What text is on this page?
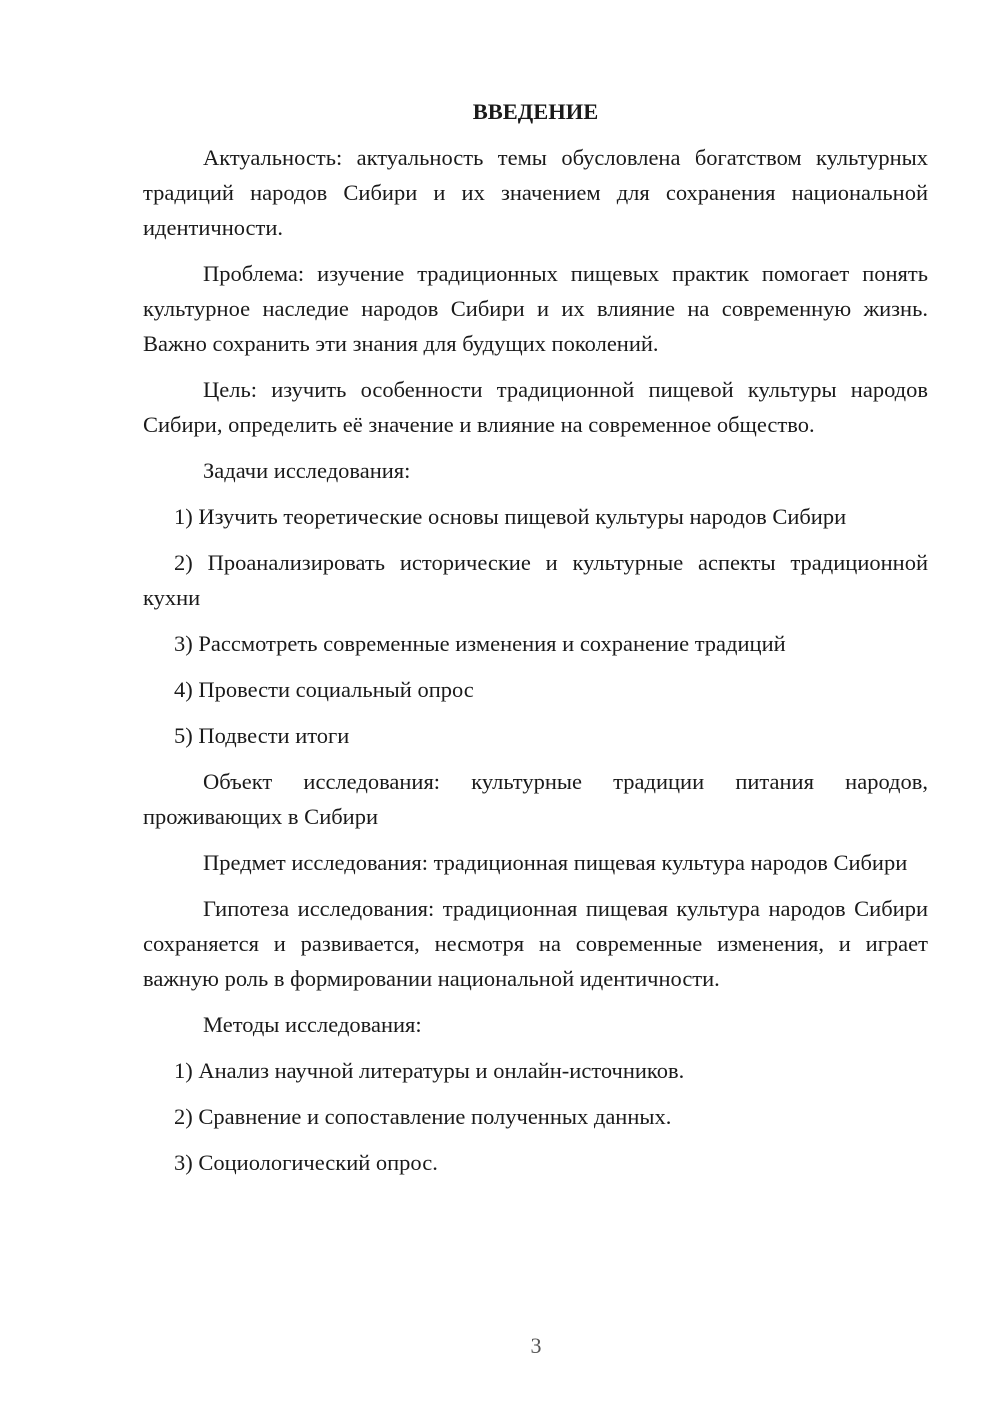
ВВЕДЕНИЕ

Актуальность: актуальность темы обусловлена богатством культурных традиций народов Сибири и их значением для сохранения национальной идентичности.

Проблема: изучение традиционных пищевых практик помогает понять культурное наследие народов Сибири и их влияние на современную жизнь. Важно сохранить эти знания для будущих поколений.

Цель: изучить особенности традиционной пищевой культуры народов Сибири, определить её значение и влияние на современное общество.

Задачи исследования:

1) Изучить теоретические основы пищевой культуры народов Сибири

2) Проанализировать исторические и культурные аспекты традиционной кухни

3) Рассмотреть современные изменения и сохранение традиций

4) Провести социальный опрос

5) Подвести итоги

Объект исследования: культурные традиции питания народов, проживающих в Сибири

Предмет исследования: традиционная пищевая культура народов Сибири

Гипотеза исследования: традиционная пищевая культура народов Сибири сохраняется и развивается, несмотря на современные изменения, и играет важную роль в формировании национальной идентичности.

Методы исследования:

1) Анализ научной литературы и онлайн-источников.

2) Сравнение и сопоставление полученных данных.

3) Социологический опрос.

3
